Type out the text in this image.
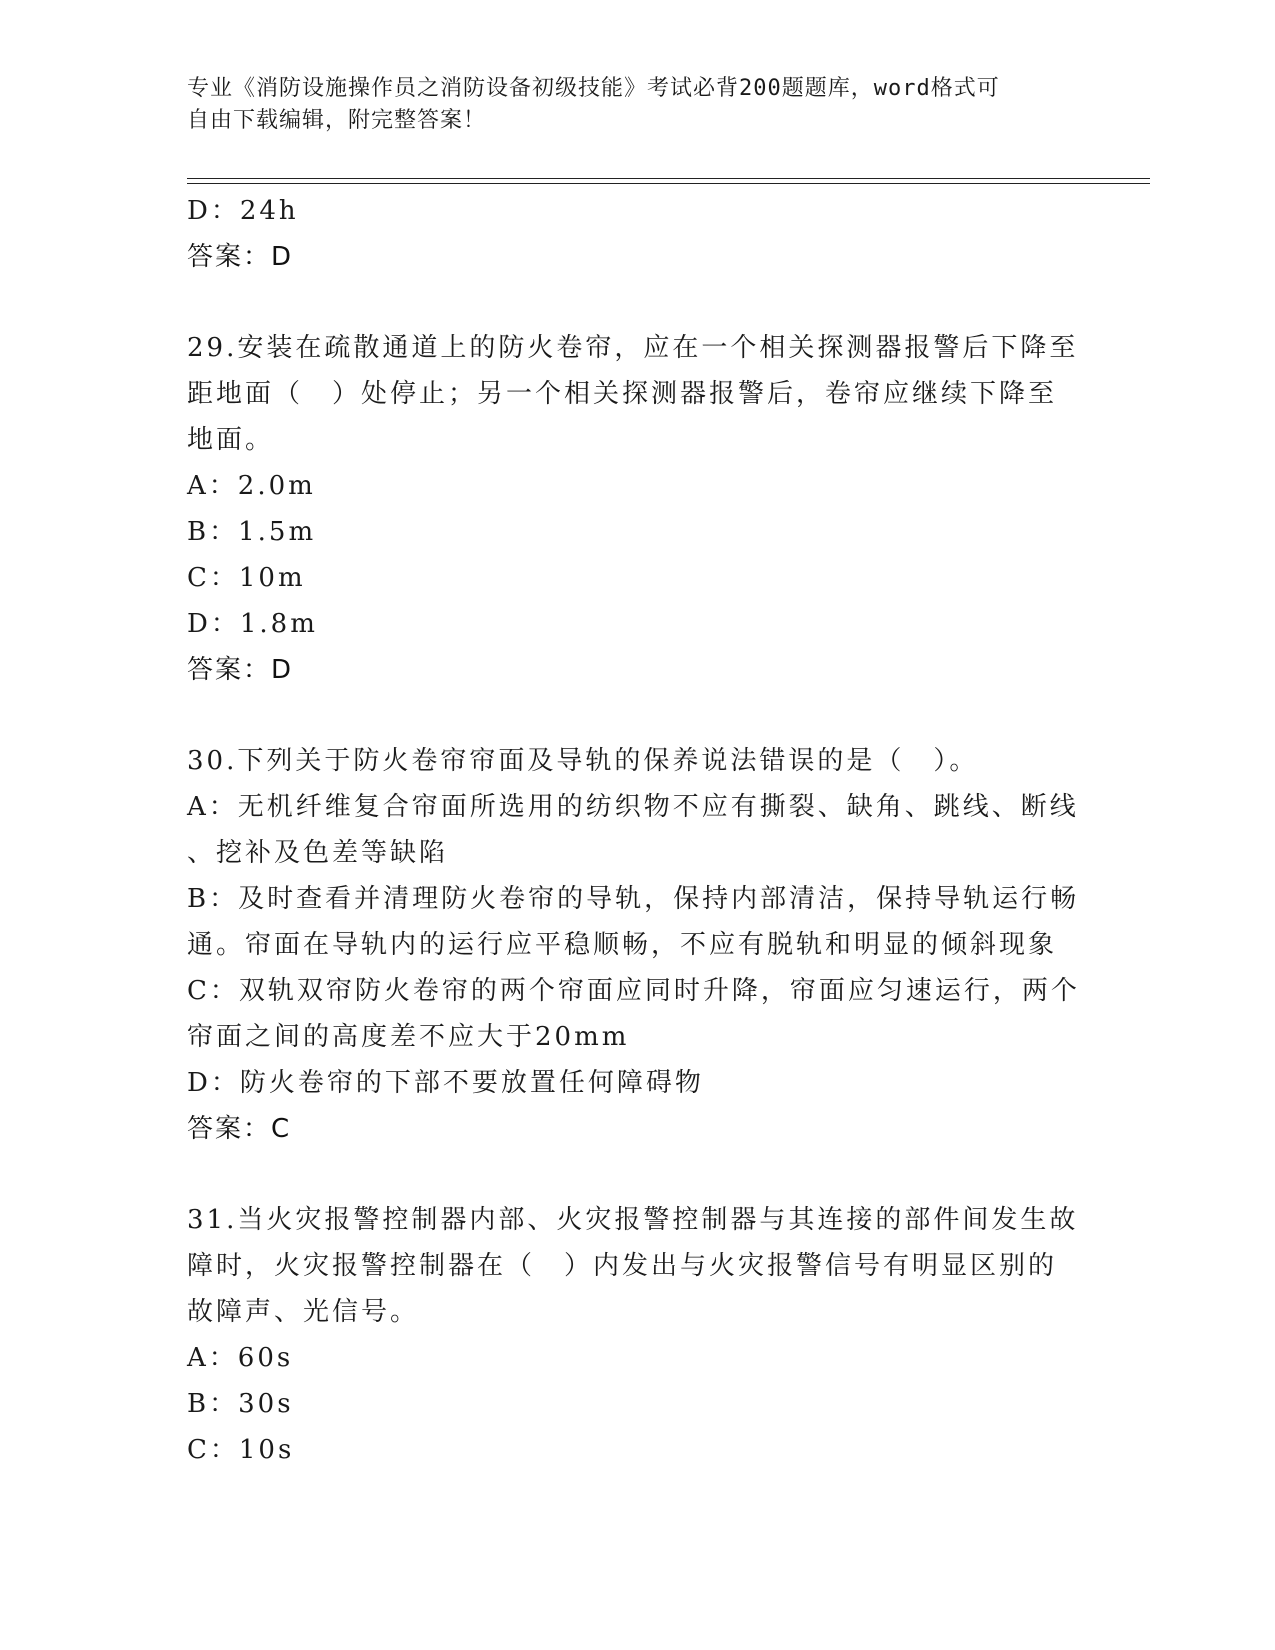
专业《消防设施操作员之消防设备初级技能》考试必背200题题库，word格式可
自由下载编辑，附完整答案！
D：24h
答案：D
29.安装在疏散通道上的防火卷帘，应在一个相关探测器报警后下降至
距地面（　）处停止；另一个相关探测器报警后，卷帘应继续下降至
地面。
A：2.0m
B：1.5m
C：10m
D：1.8m
答案：D
30.下列关于防火卷帘帘面及导轨的保养说法错误的是（　）。
A：无机纤维复合帘面所选用的纺织物不应有撕裂、缺角、跳线、断线
、挖补及色差等缺陷
B：及时查看并清理防火卷帘的导轨，保持内部清洁，保持导轨运行畅
通。帘面在导轨内的运行应平稳顺畅，不应有脱轨和明显的倾斜现象
C：双轨双帘防火卷帘的两个帘面应同时升降，帘面应匀速运行，两个
帘面之间的高度差不应大于20mm
D：防火卷帘的下部不要放置任何障碍物
答案：C
31.当火灾报警控制器内部、火灾报警控制器与其连接的部件间发生故
障时，火灾报警控制器在（　）内发出与火灾报警信号有明显区别的
故障声、光信号。
A：60s
B：30s
C：10s
